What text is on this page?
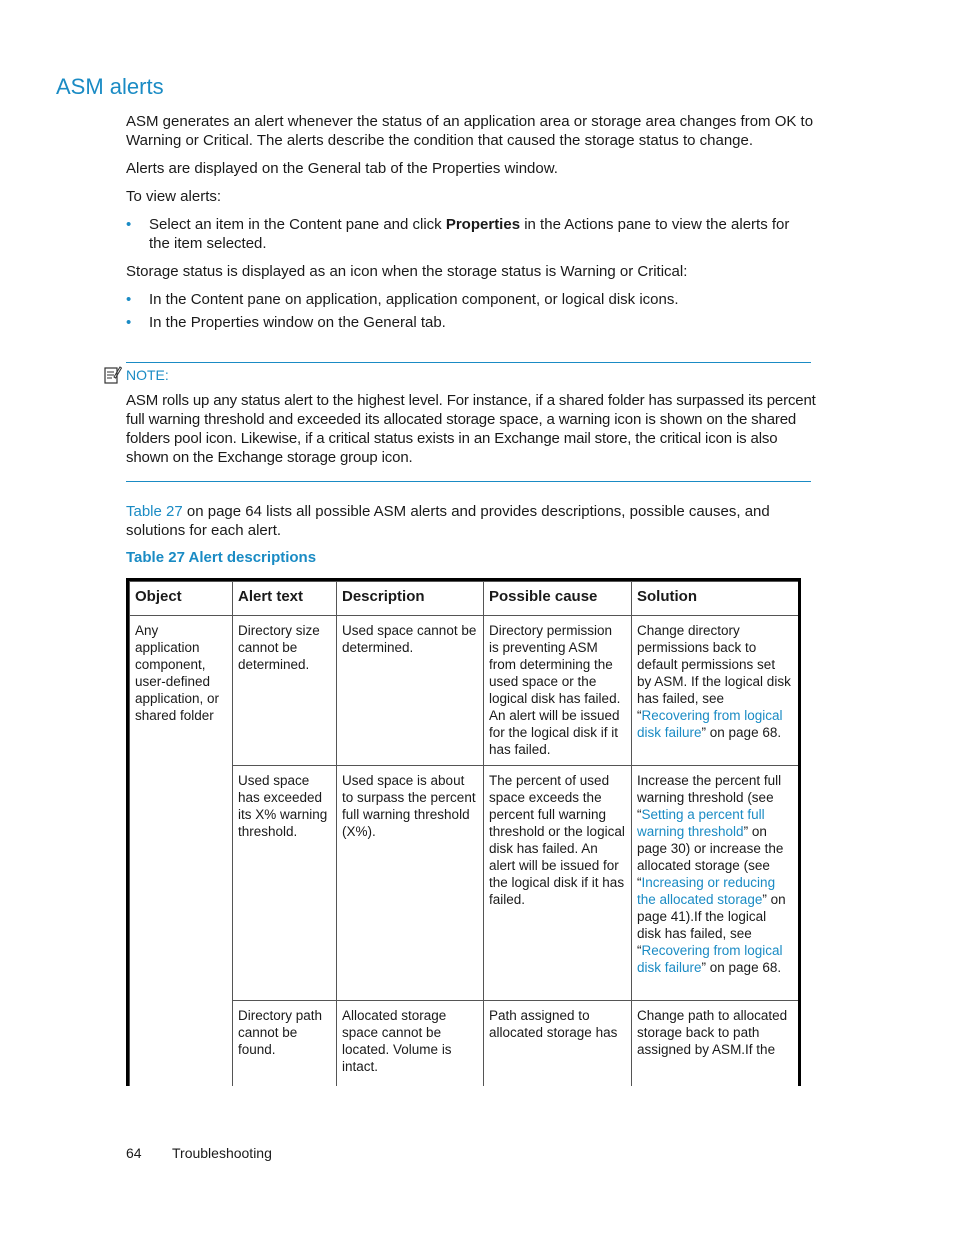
ASM alerts

ASM generates an alert whenever the status of an application area or storage area changes from OK to Warning or Critical. The alerts describe the condition that caused the storage status to change.

Alerts are displayed on the General tab of the Properties window.

To view alerts:

•	Select an item in the Content pane and click Properties in the Actions pane to view the alerts for the item selected.

Storage status is displayed as an icon when the storage status is Warning or Critical:

•	In the Content pane on application, application component, or logical disk icons.
•	In the Properties window on the General tab.
NOTE:
ASM rolls up any status alert to the highest level. For instance, if a shared folder has surpassed its percent full warning threshold and exceeded its allocated storage space, a warning icon is shown on the shared folders pool icon. Likewise, if a critical status exists in an Exchange mail store, the critical icon is also shown on the Exchange storage group icon.

Table 27 on page 64 lists all possible ASM alerts and provides descriptions, possible causes, and solutions for each alert.

Table 27 Alert descriptions
Object	Alert text	Description	Possible cause	Solution
Any application component, user-defined application, or shared folder	Directory size cannot be determined.	Used space cannot be determined.	Directory permission is preventing ASM from determining the used space or the logical disk has failed. An alert will be issued for the logical disk if it has failed.	Change directory permissions back to default permissions set by ASM. If the logical disk has failed, see “Recovering from logical disk failure” on page 68.
	Used space has exceeded its X% warning threshold.	Used space is about to surpass the percent full warning threshold (X%).	The percent of used space exceeds the percent full warning threshold or the logical disk has failed. An alert will be issued for the logical disk if it has failed.	Increase the percent full warning threshold (see “Setting a percent full warning threshold” on page 30) or increase the allocated storage (see “Increasing or reducing the allocated storage” on page 41).If the logical disk has failed, see “Recovering from logical disk failure” on page 68.
	Directory path cannot be found.	Allocated storage space cannot be located. Volume is intact.	Path assigned to allocated storage has	Change path to allocated storage back to path assigned by ASM.If the
64 Troubleshooting
